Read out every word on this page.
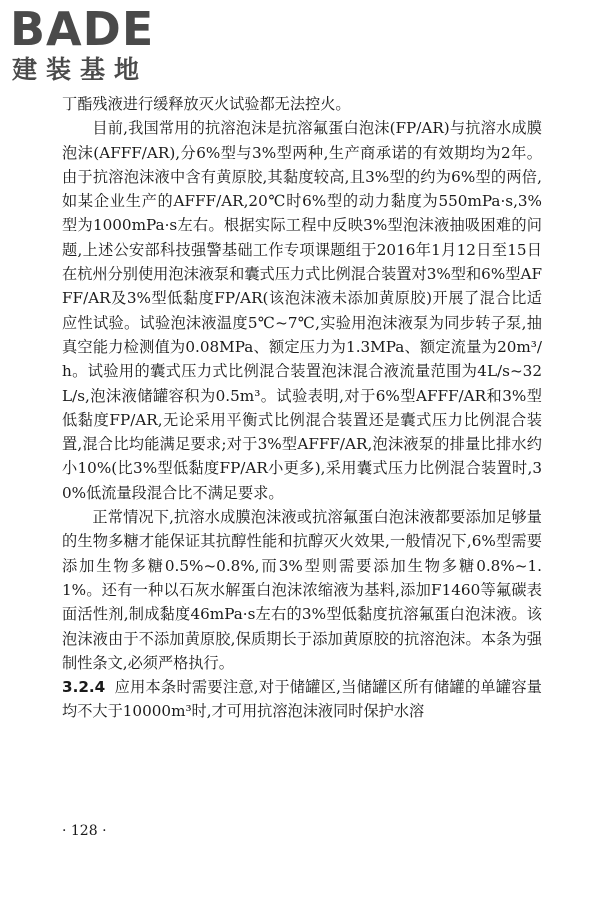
BADE
建装基地

丁酯残液进行缓释放灭火试验都无法控火。

目前,我国常用的抗溶泡沫是抗溶氟蛋白泡沫(FP/AR)与抗溶水成膜泡沫(AFFF/AR),分6%型与3%型两种,生产商承诺的有效期均为2年。由于抗溶泡沫液中含有黄原胶,其黏度较高,且3%型的约为6%型的两倍,如某企业生产的AFFF/AR,20℃时6%型的动力黏度为550mPa·s,3%型为1000mPa·s左右。根据实际工程中反映3%型泡沫液抽吸困难的问题,上述公安部科技强警基础工作专项课题组于2016年1月12日至15日在杭州分别使用泡沫液泵和囊式压力式比例混合装置对3%型和6%型AFFF/AR及3%型低黏度FP/AR(该泡沫液未添加黄原胶)开展了混合比适应性试验。试验泡沫液温度5℃~7℃,实验用泡沫液泵为同步转子泵,抽真空能力检测值为0.08MPa、额定压力为1.3MPa、额定流量为20m³/h。试验用的囊式压力式比例混合装置泡沫混合液流量范围为4L/s~32L/s,泡沫液储罐容积为0.5m³。试验表明,对于6%型AFFF/AR和3%型低黏度FP/AR,无论采用平衡式比例混合装置还是囊式压力比例混合装置,混合比均能满足要求;对于3%型AFFF/AR,泡沫液泵的排量比排水约小10%(比3%型低黏度FP/AR小更多),采用囊式压力比例混合装置时,30%低流量段混合比不满足要求。

正常情况下,抗溶水成膜泡沫液或抗溶氟蛋白泡沫液都要添加足够量的生物多糖才能保证其抗醇性能和抗醇灭火效果,一般情况下,6%型需要添加生物多糖0.5%~0.8%,而3%型则需要添加生物多糖0.8%~1.1%。还有一种以石灰水解蛋白泡沫浓缩液为基料,添加F1460等氟碳表面活性剂,制成黏度46mPa·s左右的3%型低黏度抗溶氟蛋白泡沫液。该泡沫液由于不添加黄原胶,保质期长于添加黄原胶的抗溶泡沫。本条为强制性条文,必须严格执行。

3.2.4 应用本条时需要注意,对于储罐区,当储罐区所有储罐的单罐容量均不大于10000m³时,才可用抗溶泡沫液同时保护水溶

· 128 ·
